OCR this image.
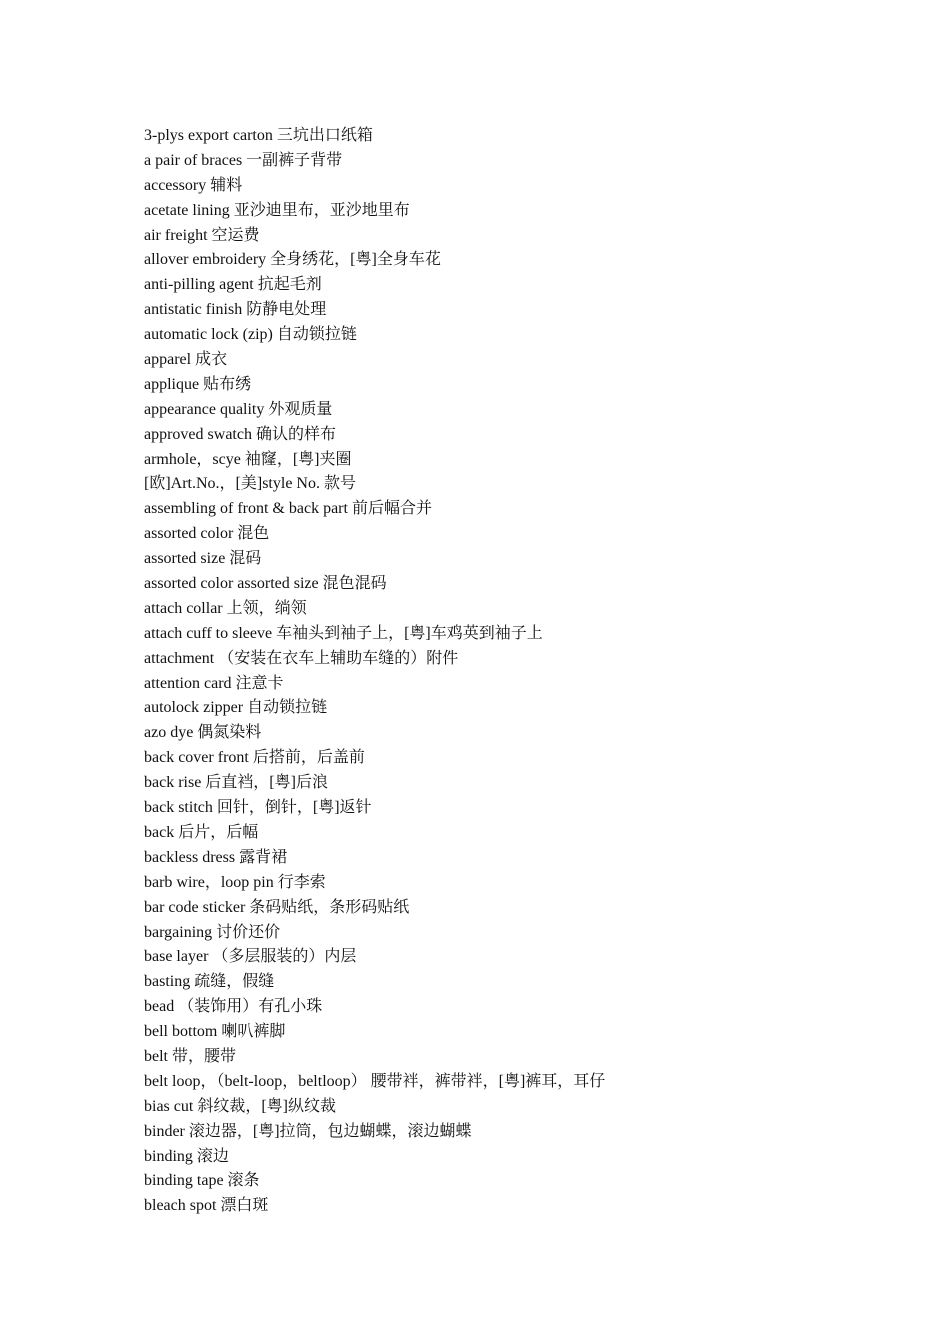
3-plys export carton 三坑出口纸箱
a pair of braces 一副裤子背带
accessory 辅料
acetate lining 亚沙迪里布，亚沙地里布
air freight 空运费
allover embroidery 全身绣花，[粤]全身车花
anti-pilling agent 抗起毛剂
antistatic finish 防静电处理
automatic lock (zip) 自动锁拉链
apparel 成衣
applique 贴布绣
appearance quality 外观质量
approved swatch 确认的样布
armhole，scye 袖窿，[粤]夹圈
[欧]Art.No.，[美]style No. 款号
assembling of front & back part 前后幅合并
assorted color 混色
assorted size 混码
assorted color assorted size 混色混码
attach collar 上领，绱领
attach cuff to sleeve 车袖头到袖子上，[粤]车鸡英到袖子上
attachment （安装在衣车上辅助车缝的）附件
attention card 注意卡
autolock zipper 自动锁拉链
azo dye 偶氮染料
back cover front 后搭前，后盖前
back rise 后直裆，[粤]后浪
back stitch 回针，倒针，[粤]返针
back 后片，后幅
backless dress 露背裙
barb wire，loop pin 行李索
bar code sticker 条码贴纸，条形码贴纸
bargaining 讨价还价
base layer （多层服装的）内层
basting 疏缝，假缝
bead （装饰用）有孔小珠
bell bottom 喇叭裤脚
belt 带，腰带
belt loop，（belt-loop，beltloop） 腰带袢，裤带袢，[粤]裤耳，耳仔
bias cut 斜纹裁，[粤]纵纹裁
binder 滚边器，[粤]拉筒，包边蝴蝶，滚边蝴蝶
binding 滚边
binding tape 滚条
bleach spot 漂白斑
